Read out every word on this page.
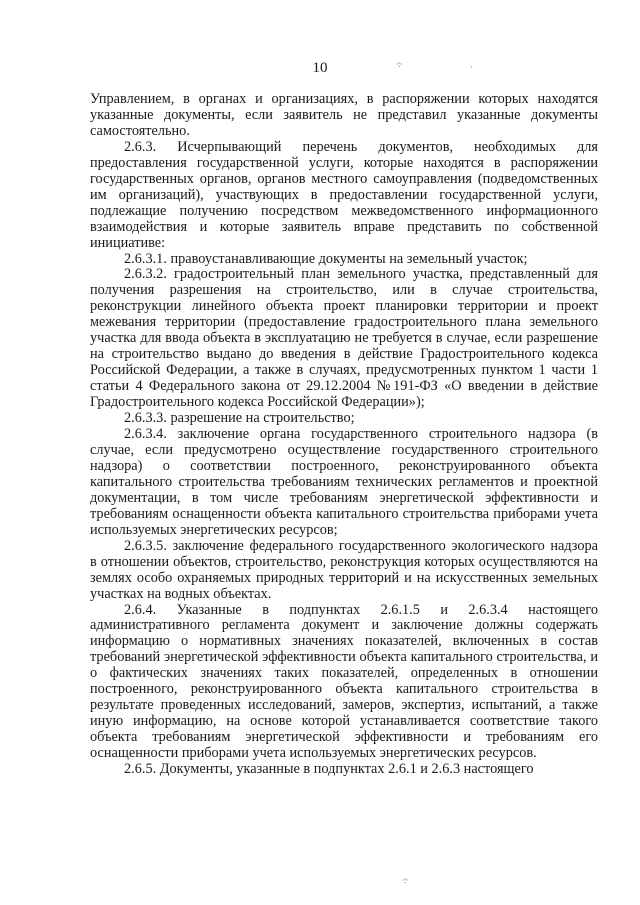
10	·:·
˙
·:·

Управлением, в органах и организациях, в распоряжении которых находятся указанные документы, если заявитель не представил указанные документы самостоятельно.

2.6.3. Исчерпывающий перечень документов, необходимых для предоставления государственной услуги, которые находятся в распоряжении государственных органов, органов местного самоуправления (подведомственных им организаций), участвующих в предоставлении государственной услуги, подлежащие получению посредством межведомственного информационного взаимодействия и которые заявитель вправе представить по собственной инициативе:

2.6.3.1. правоустанавливающие документы на земельный участок;

2.6.3.2. градостроительный план земельного участка, представленный для получения разрешения на строительство, или в случае строительства, реконструкции линейного объекта проект планировки территории и проект межевания территории (предоставление градостроительного плана земельного участка для ввода объекта в эксплуатацию не требуется в случае, если разрешение на строительство выдано до введения в действие Градостроительного кодекса Российской Федерации, а также в случаях, предусмотренных пунктом 1 части 1 статьи 4 Федерального закона от 29.12.2004 №191-ФЗ «О введении в действие Градостроительного кодекса Российской Федерации»);

2.6.3.3. разрешение на строительство;

2.6.3.4. заключение органа государственного строительного надзора (в случае, если предусмотрено осуществление государственного строительного надзора) о соответствии построенного, реконструированного объекта капитального строительства требованиям технических регламентов и проектной документации, в том числе требованиям энергетической эффективности и требованиям оснащенности объекта капитального строительства приборами учета используемых энергетических ресурсов;

2.6.3.5. заключение федерального государственного экологического надзора в отношении объектов, строительство, реконструкция которых осуществляются на землях особо охраняемых природных территорий и на искусственных земельных участках на водных объектах.

2.6.4. Указанные в подпунктах 2.6.1.5 и 2.6.3.4 настоящего административного регламента документ и заключение должны содержать информацию о нормативных значениях показателей, включенных в состав требований энергетической эффективности объекта капитального строительства, и о фактических значениях таких показателей, определенных в отношении построенного, реконструированного объекта капитального строительства в результате проведенных исследований, замеров, экспертиз, испытаний, а также иную информацию, на основе которой устанавливается соответствие такого объекта требованиям энергетической эффективности и требованиям его оснащенности приборами учета используемых энергетических ресурсов.

2.6.5. Документы, указанные в подпунктах 2.6.1 и 2.6.3 настоящего
